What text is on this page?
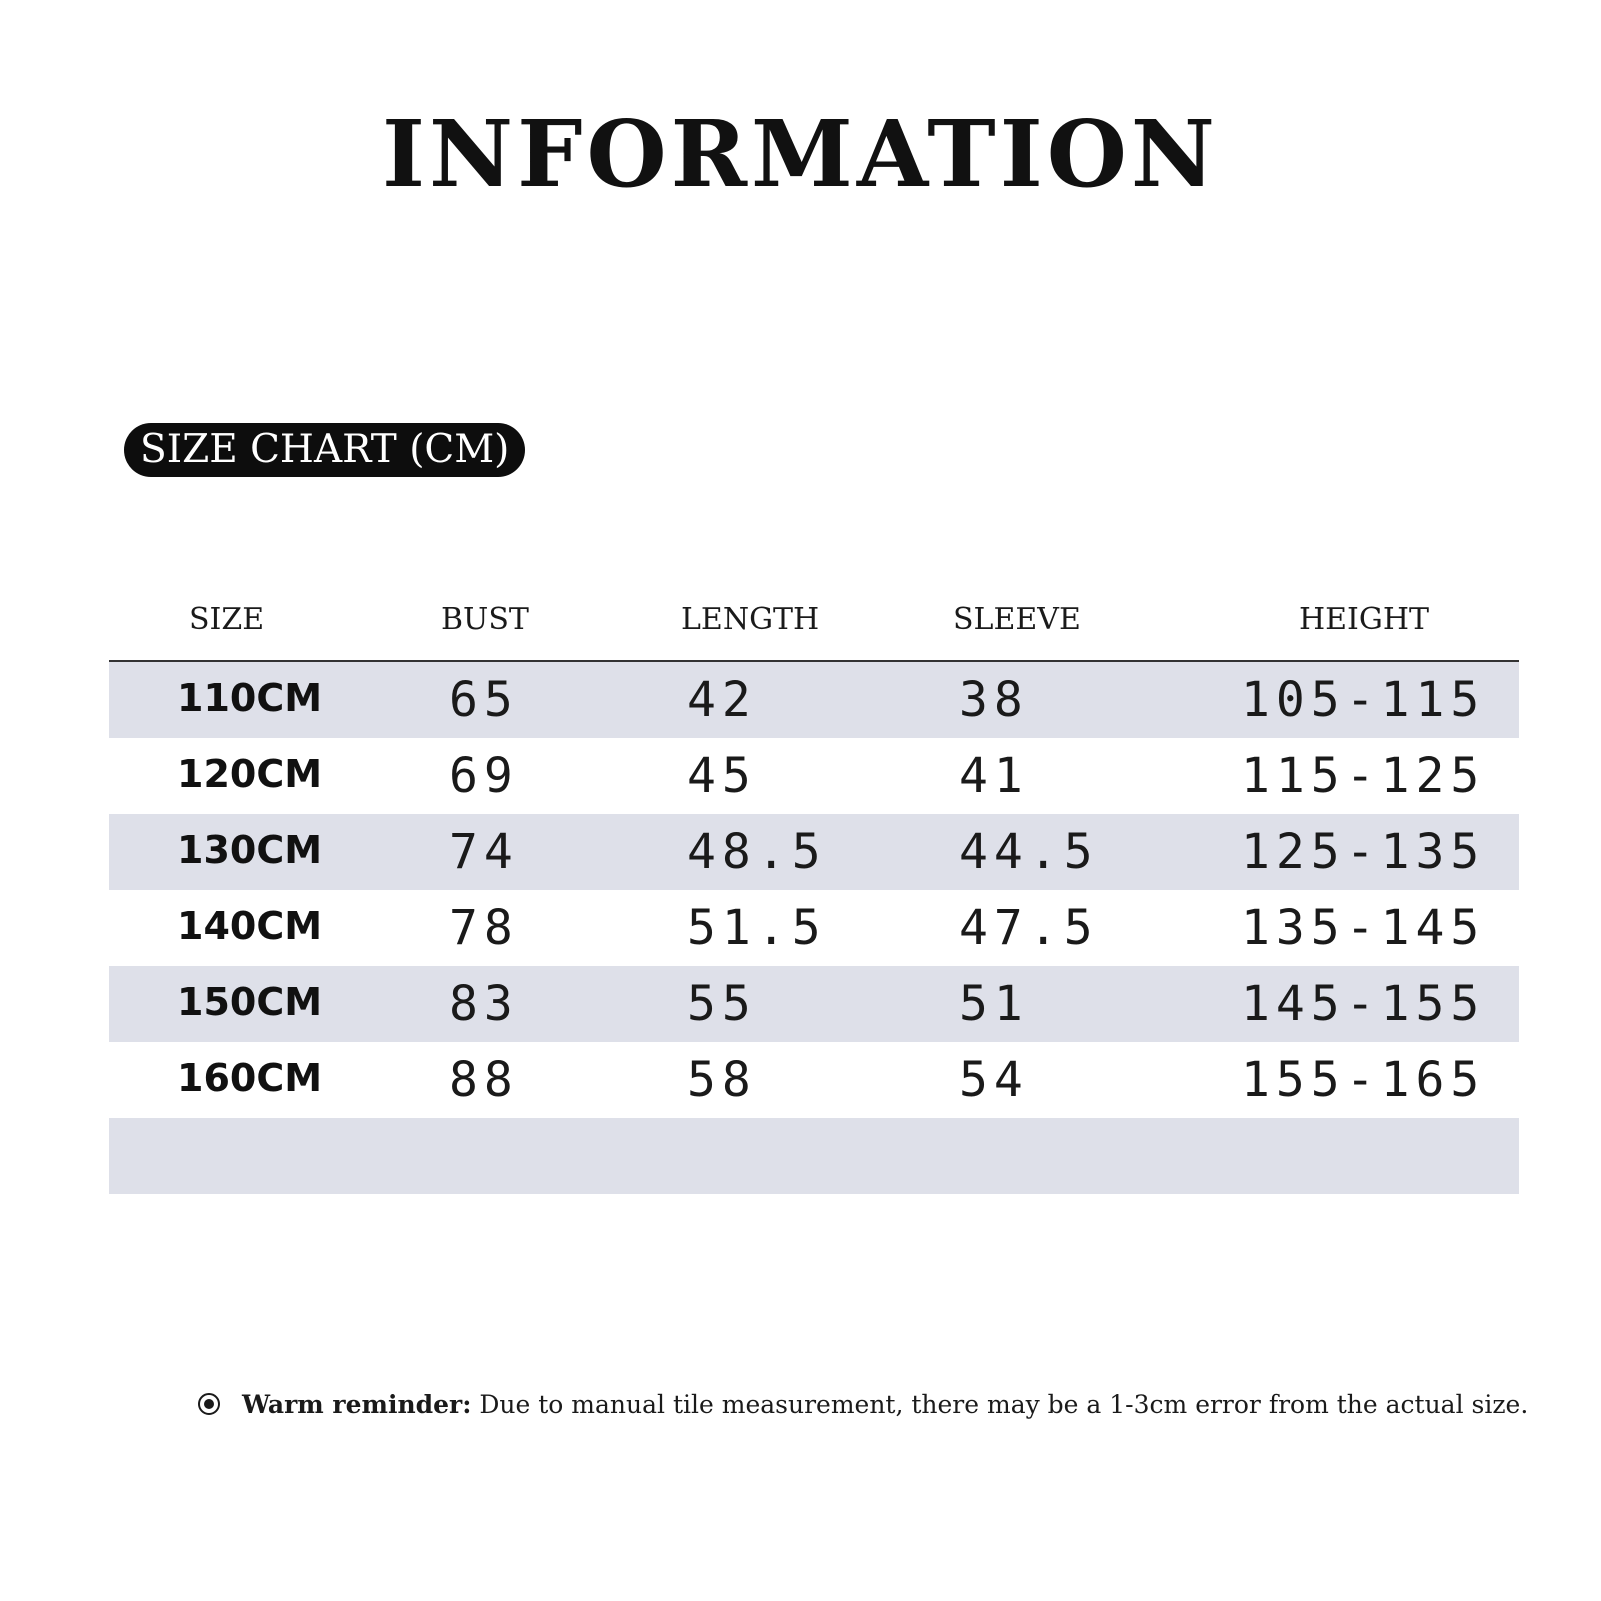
INFORMATION
SIZE CHART (CM)
SIZE	BUST	LENGTH	SLEEVE	HEIGHT
110CM	65	42	38	105-115
120CM	69	45	41	115-125
130CM	74	48.5	44.5	125-135
140CM	78	51.5	47.5	135-145
150CM	83	55	51	145-155
160CM	88	58	54	155-165
Warm reminder: Due to manual tile measurement, there may be a 1-3cm error from the actual size.
